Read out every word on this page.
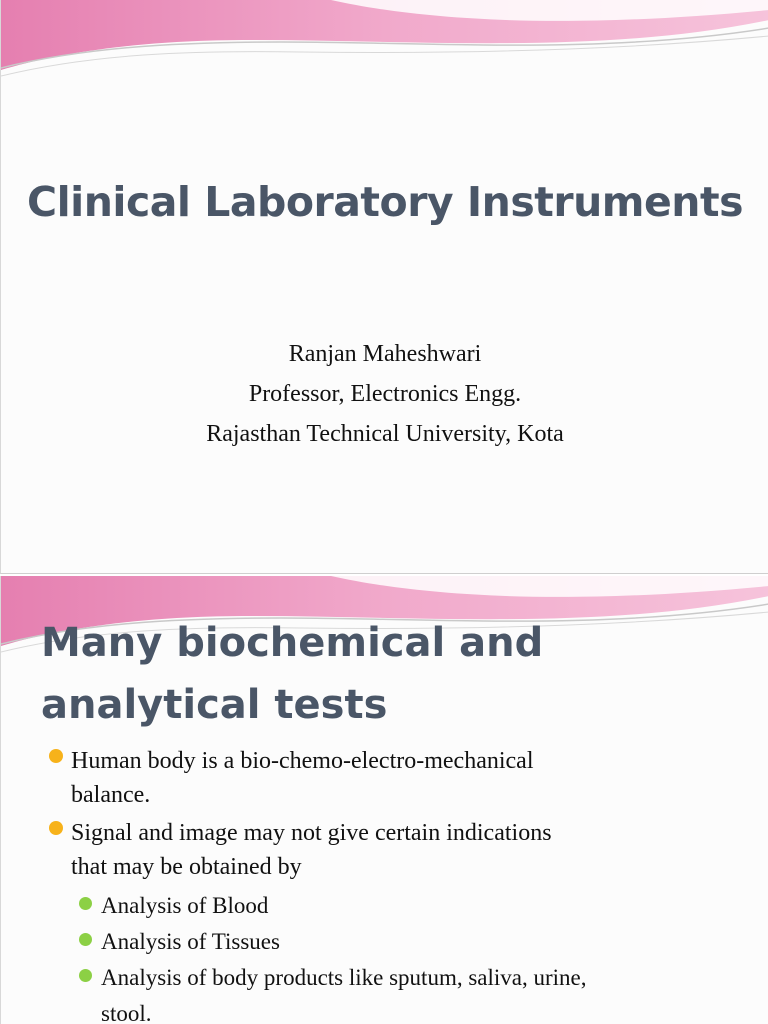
Clinical Laboratory Instruments
Ranjan Maheshwari
Professor, Electronics Engg.
Rajasthan Technical University, Kota
Many biochemical and
analytical tests
Human body is a bio-chemo-electro-mechanical
balance.
Signal and image may not give certain indications
that may be obtained by
Analysis of Blood
Analysis of Tissues
Analysis of body products like sputum, saliva, urine,
stool.
